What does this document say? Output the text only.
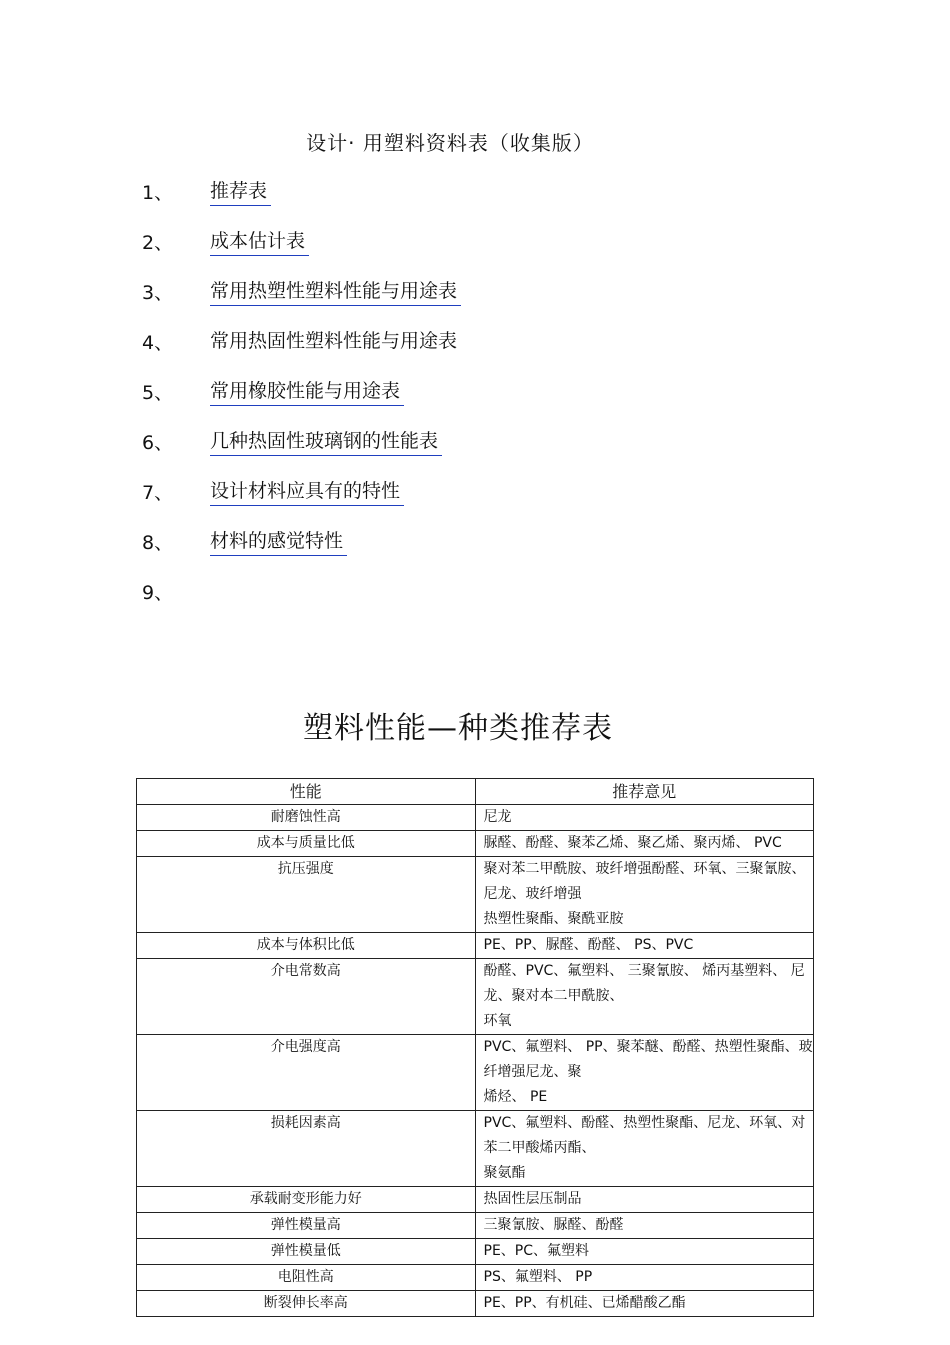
设计· 用塑料资料表（收集版）
1、	推荐表
2、	成本估计表
3、	常用热塑性塑料性能与用途表
4、	常用热固性塑料性能与用途表
5、	常用橡胶性能与用途表
6、	几种热固性玻璃钢的性能表
7、	设计材料应具有的特性
8、	材料的感觉特性
9、
塑料性能—种类推荐表
性能	推荐意见
耐磨蚀性高	尼龙
成本与质量比低	脲醛、酚醛、聚苯乙烯、聚乙烯、聚丙烯、 PVC
抗压强度	聚对苯二甲酰胺、玻纤增强酚醛、环氧、三聚氰胺、尼龙、玻纤增强
热塑性聚酯、聚酰亚胺
成本与体积比低	PE、PP、脲醛、酚醛、 PS、PVC
介电常数高	酚醛、PVC、氟塑料、 三聚氰胺、 烯丙基塑料、 尼龙、聚对本二甲酰胺、
环氧
介电强度高	PVC、氟塑料、 PP、聚苯醚、酚醛、热塑性聚酯、玻纤增强尼龙、聚
烯烃、 PE
损耗因素高	PVC、氟塑料、酚醛、热塑性聚酯、尼龙、环氧、对苯二甲酸烯丙酯、
聚氨酯
承载耐变形能力好	热固性层压制品
弹性模量高	三聚氰胺、脲醛、酚醛
弹性模量低	PE、PC、氟塑料
电阻性高	PS、氟塑料、 PP
断裂伸长率高	PE、PP、有机硅、已烯醋酸乙酯
